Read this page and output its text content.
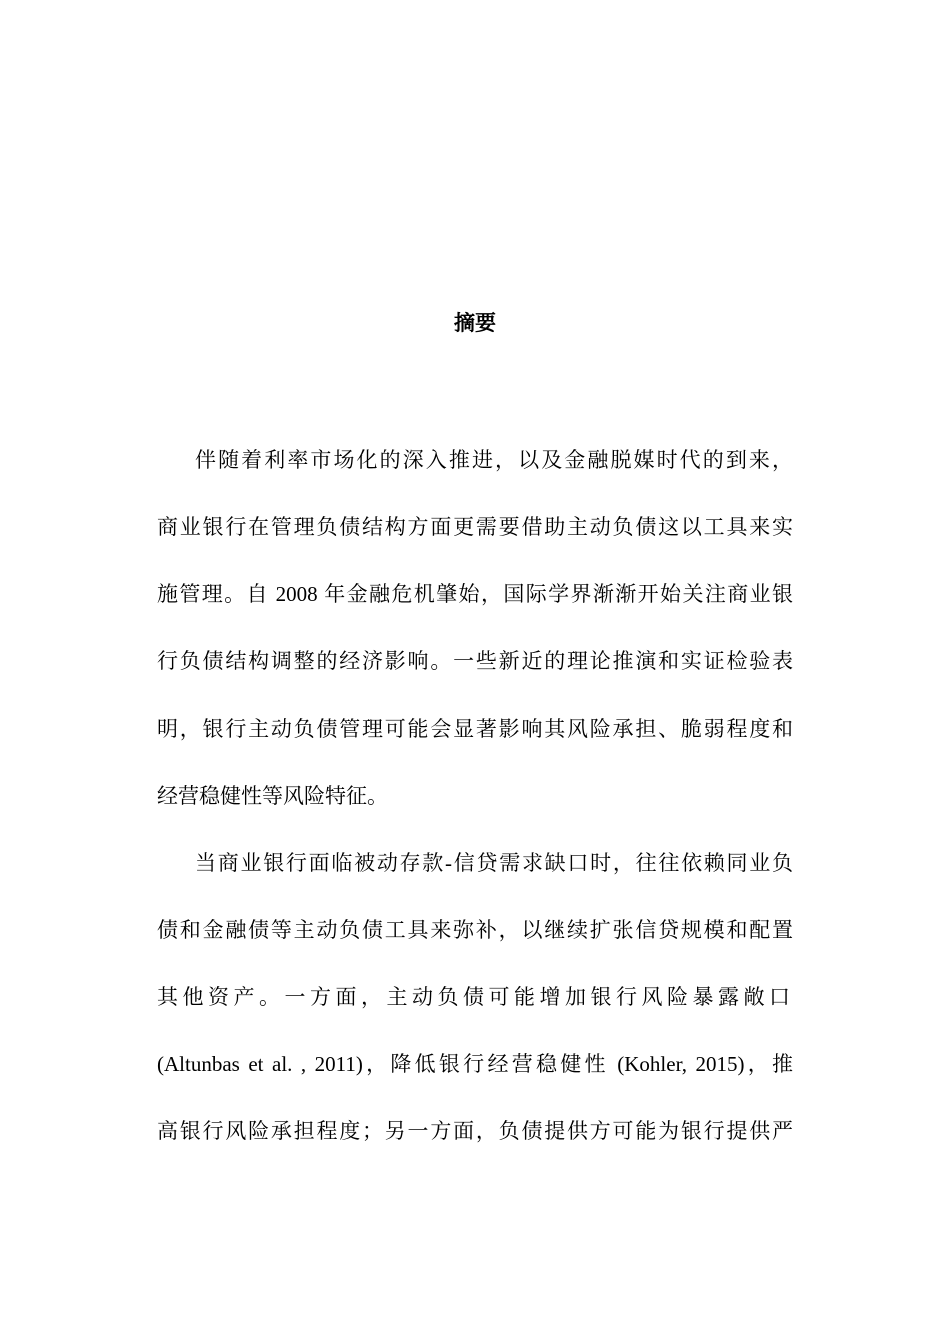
摘要
伴随着利率市场化的深入推进，以及金融脱媒时代的到来，
商业银行在管理负债结构方面更需要借助主动负债这以工具来实
施管理。自 2008 年金融危机肇始，国际学界渐渐开始关注商业银
行负债结构调整的经济影响。一些新近的理论推演和实证检验表
明，银行主动负债管理可能会显著影响其风险承担、脆弱程度和
经营稳健性等风险特征。
当商业银行面临被动存款-信贷需求缺口时，往往依赖同业负
债和金融债等主动负债工具来弥补，以继续扩张信贷规模和配置
其他资产。一方面，主动负债可能增加银行风险暴露敞口
(Altunbas et al. , 2011)，降低银行经营稳健性 (Kohler, 2015)，推
高银行风险承担程度；另一方面，负债提供方可能为银行提供严
